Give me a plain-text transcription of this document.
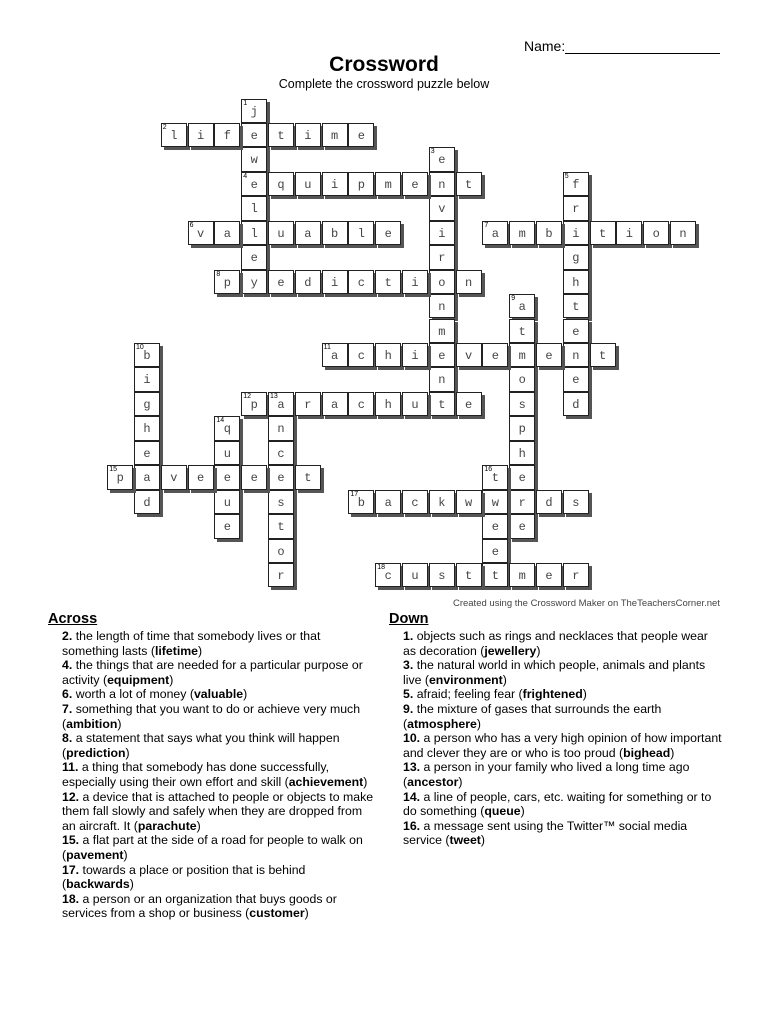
Name:
Crossword
Complete the crossword puzzle below
1
j
e
w
4
e
l
l
e
y
2
l	i	f	t	i	m	e
3
e
n
v
i
r
o
n
m
e
n
t
q	u	i	p	m	e	t
5
f
r
i
g
h
t
e
n
e
d
6
v	a	u	a	b	l	e
7
a	m	b	t	i	o	n
8
p	e	d	i	c	t	i	n
9
a
t
m
o
s
p
h
e
r
e
10
b
i
g
h
e
a
d
11
a	c	h	i	v	e	e	t
12
p
13
a	r	a	c	h	u	e
n
c
e
s
t
o
r
14
q
u
e
u
e
15
p	v	e	e	t
16
t
w
e
e
t
17
b	a	c	k	w	d	s
18
c	u	s	t	m	e	r
Created using the Crossword Maker on TheTeachersCorner.net
Across
2. the length of time that somebody lives or that something lasts (lifetime)
4. the things that are needed for a particular purpose or activity (equipment)
6. worth a lot of money (valuable)
7. something that you want to do or achieve very much (ambition)
8. a statement that says what you think will happen (prediction)
11. a thing that somebody has done successfully, especially using their own effort and skill (achievement)
12. a device that is attached to people or objects to make them fall slowly and safely when they are dropped from an aircraft. It (parachute)
15. a flat part at the side of a road for people to walk on (pavement)
17. towards a place or position that is behind (backwards)
18. a person or an organization that buys goods or services from a shop or business (customer)
Down
1. objects such as rings and necklaces that people wear as decoration (jewellery)
3. the natural world in which people, animals and plants live (environment)
5. afraid; feeling fear (frightened)
9. the mixture of gases that surrounds the earth (atmosphere)
10. a person who has a very high opinion of how important and clever they are or who is too proud (bighead)
13. a person in your family who lived a long time ago (ancestor)
14. a line of people, cars, etc. waiting for something or to do something (queue)
16. a message sent using the Twitter™ social media service (tweet)
